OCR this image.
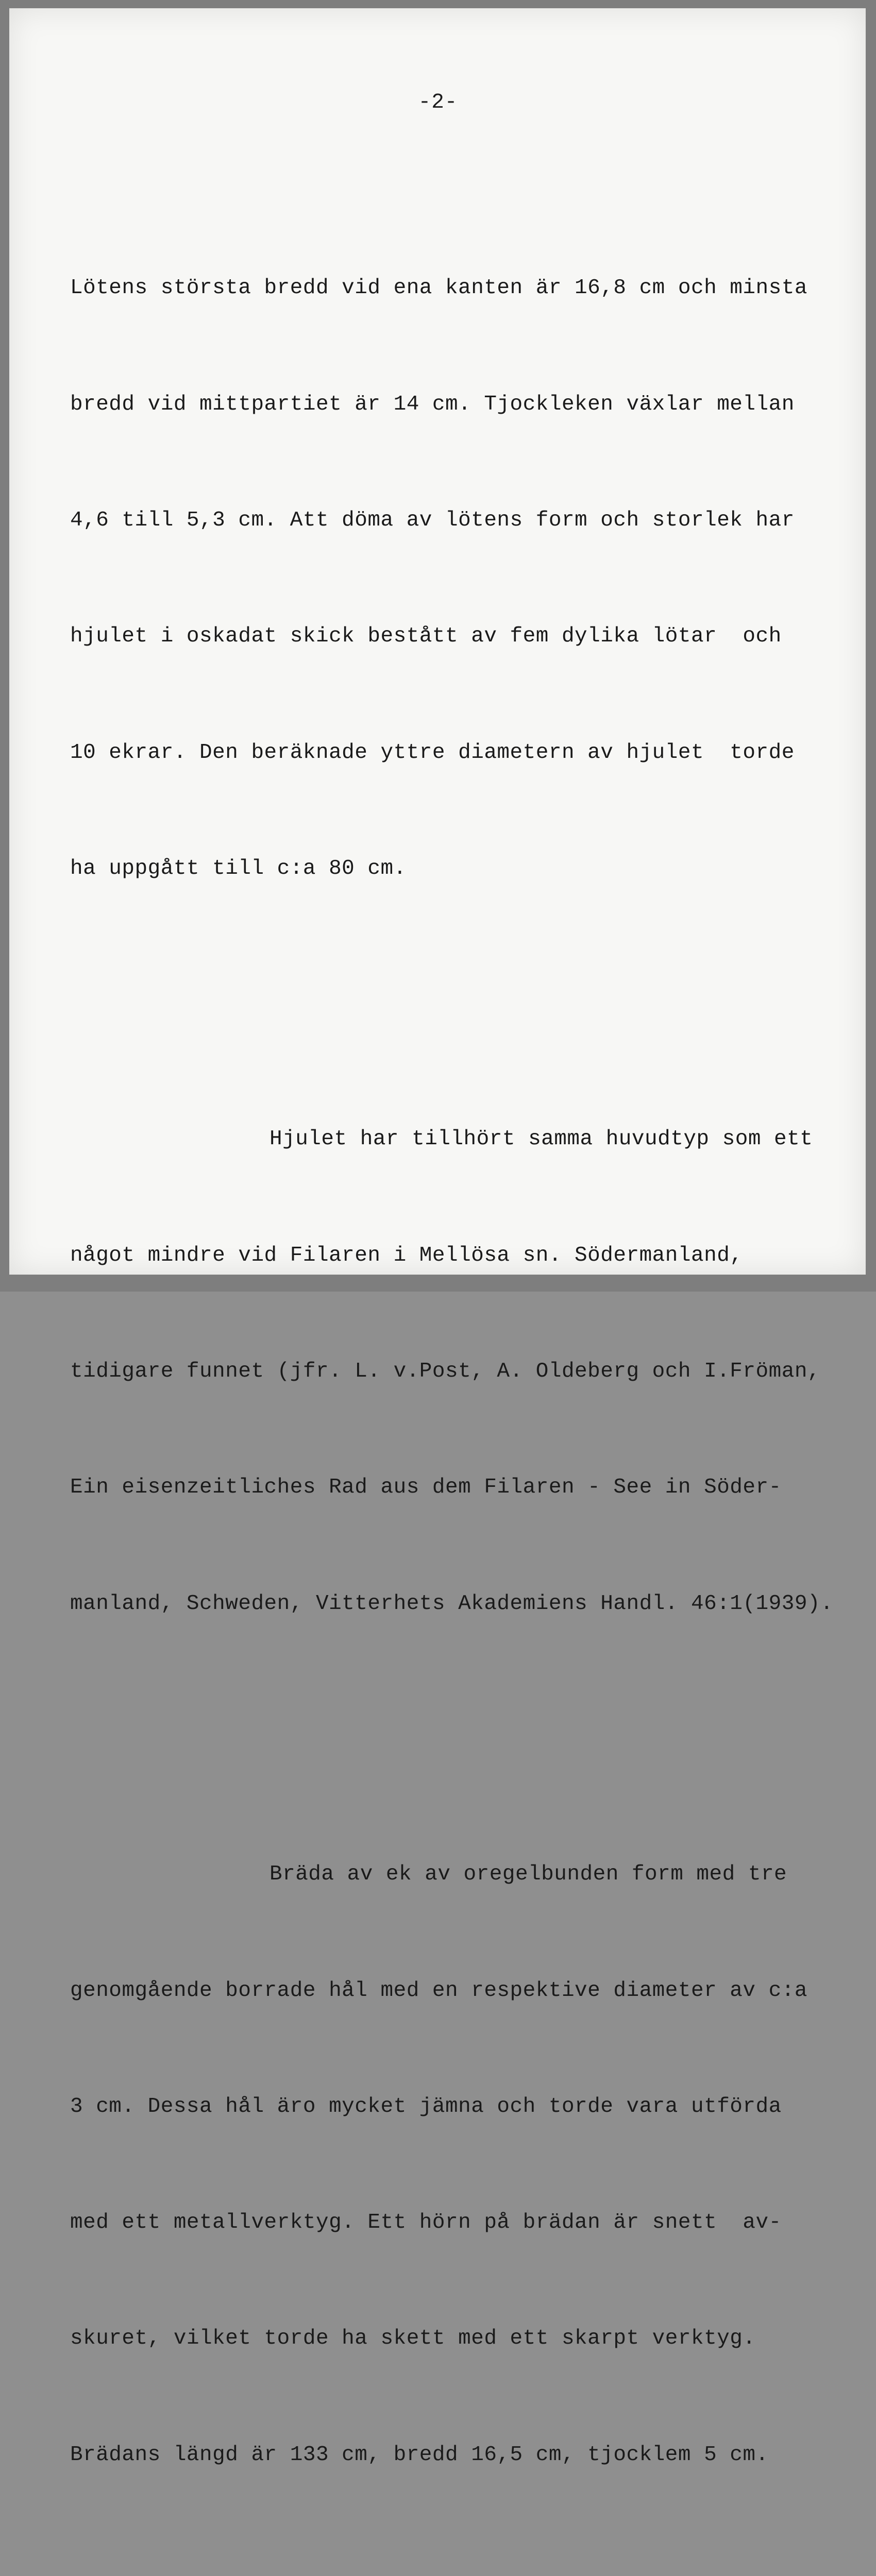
-2-

Lötens största bredd vid ena kanten är 16,8 cm och minsta

bredd vid mittpartiet är 14 cm. Tjockleken växlar mellan

4,6 till 5,3 cm. Att döma av lötens form och storlek har

hjulet i oskadat skick bestått av fem dylika lötar  och

10 ekrar. Den beräknade yttre diametern av hjulet  torde

ha uppgått till c:a 80 cm.

Hjulet har tillhört samma huvudtyp som ett

något mindre vid Filaren i Mellösa sn. Södermanland,

tidigare funnet (jfr. L. v.Post, A. Oldeberg och I.Fröman,

Ein eisenzeitliches Rad aus dem Filaren - See in Söder-

manland, Schweden, Vitterhets Akademiens Handl. 46:1(1939).

Bräda av ek av oregelbunden form med tre

genomgående borrade hål med en respektive diameter av c:a

3 cm. Dessa hål äro mycket jämna och torde vara utförda

med ett metallverktyg. Ett hörn på brädan är snett  av-

skuret, vilket torde ha skett med ett skarpt verktyg.

Brädans längd är 133 cm, bredd 16,5 cm, tjocklem 5 cm.
